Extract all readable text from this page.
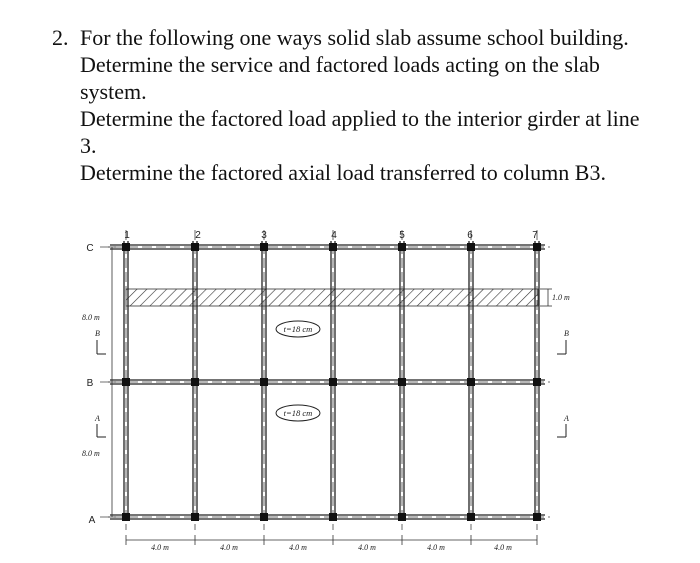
2. For the following one ways solid slab assume school building.

Determine the service and factored loads acting on the slab

system.

Determine the factored load applied to the interior girder at line

3.

Determine the factored axial load transferred to column B3.

1	2	3	4	5	6	7
C
B
A
8.0 m
8.0 m
B
A
B
A
1.0 m
t=18 cm
t=18 cm
4.0 m	4.0 m	4.0 m	4.0 m	4.0 m	4.0 m
